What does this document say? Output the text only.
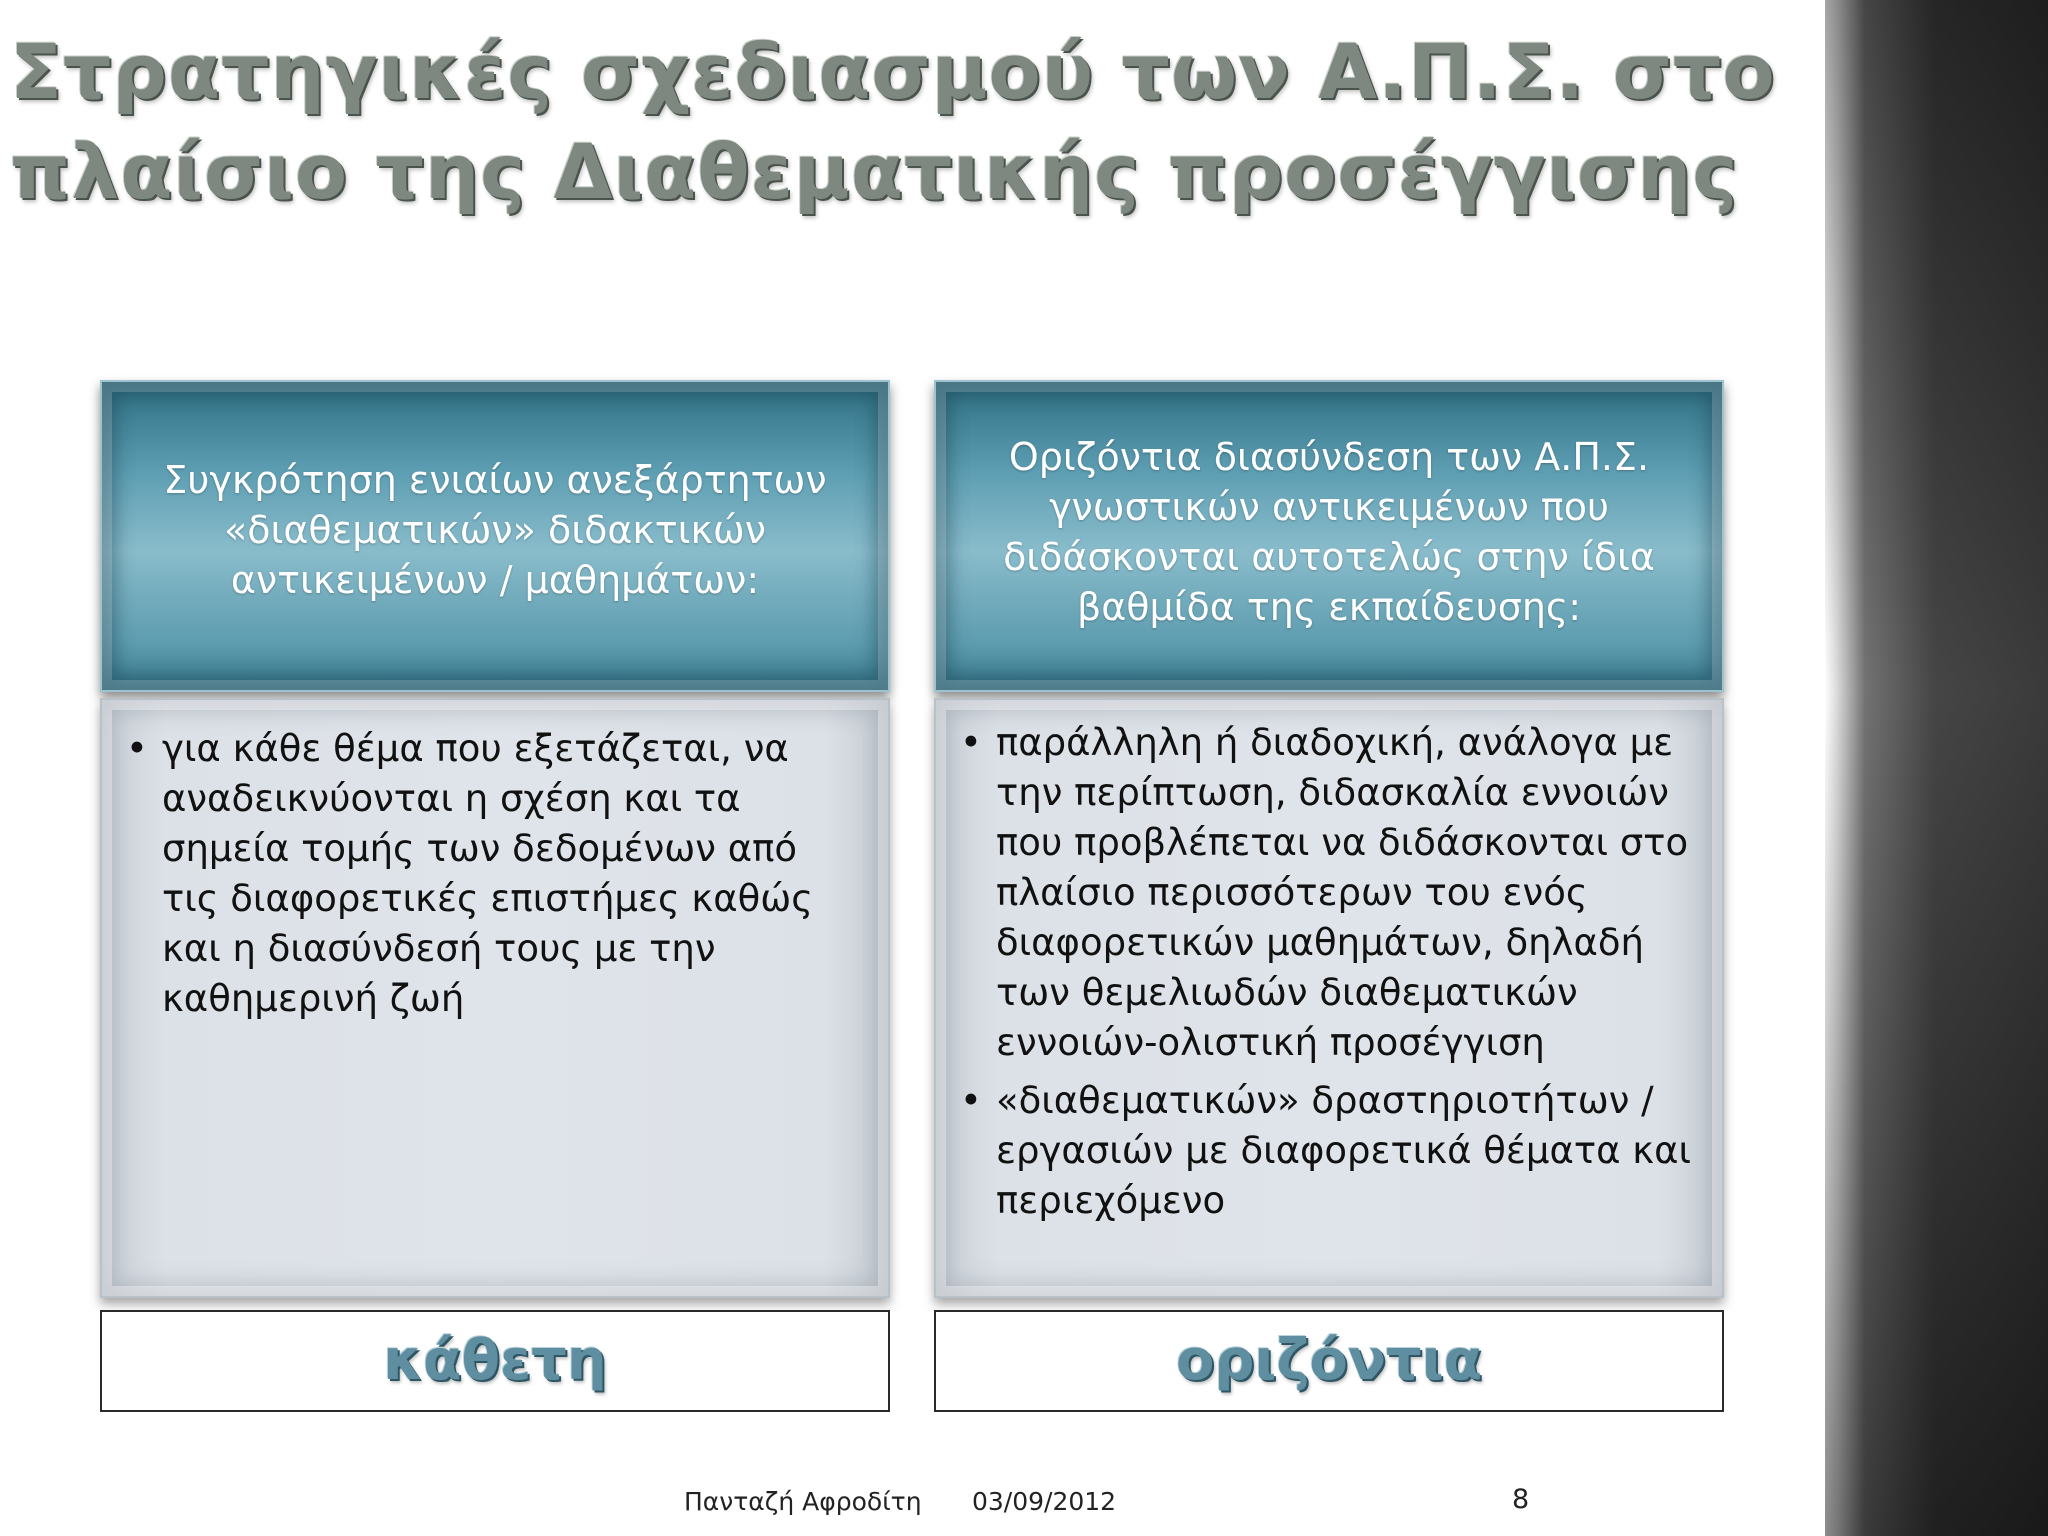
Στρατηγικές σχεδιασμού των Α.Π.Σ. στο πλαίσιο της Διαθεματικής προσέγγισης
Συγκρότηση ενιαίων ανεξάρτητων «διαθεματικών» διδακτικών αντικειμένων / μαθημάτων:
• για κάθε θέμα που εξετάζεται, να αναδεικνύονται η σχέση και τα σημεία τομής των δεδομένων από τις διαφορετικές επιστήμες καθώς και η διασύνδεσή τους με την καθημερινή ζωή
κάθετη
Οριζόντια διασύνδεση των Α.Π.Σ. γνωστικών αντικειμένων που διδάσκονται αυτοτελώς στην ίδια βαθμίδα της εκπαίδευσης:
• παράλληλη ή διαδοχική, ανάλογα με την περίπτωση, διδασκαλία εννοιών που προβλέπεται να διδάσκονται στο πλαίσιο περισσότερων του ενός διαφορετικών μαθημάτων, δηλαδή των θεμελιωδών διαθεματικών εννοιών-ολιστική προσέγγιση
• «διαθεματικών» δραστηριοτήτων / εργασιών με διαφορετικά θέματα και περιεχόμενο
οριζόντια
Πανταζή Αφροδίτη 03/09/2012	8
